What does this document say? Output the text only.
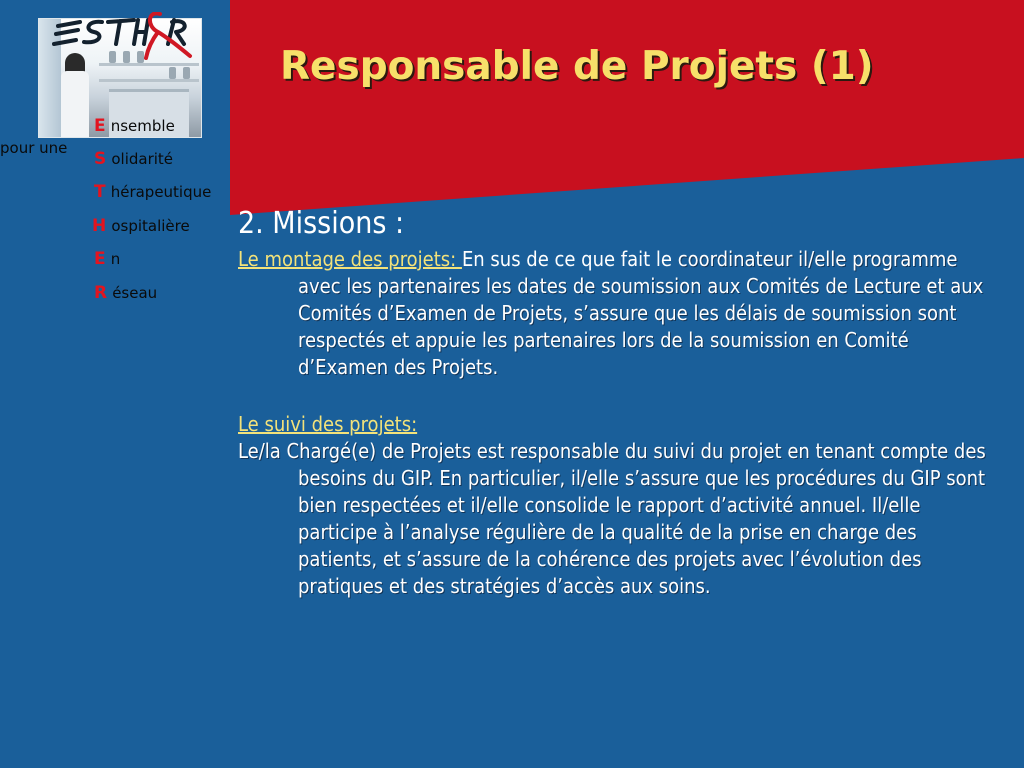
pour une
E nsemble
S olidarité
T hérapeutique
H ospitalière
E n
R éseau
Responsable de Projets (1)
2. Missions :

Le montage des projets: En sus de ce que fait le coordinateur il/elle programme avec les partenaires les dates de soumission aux Comités de Lecture et aux Comités d’Examen de Projets, s’assure que les délais de soumission sont respectés et appuie les partenaires lors de la soumission en Comité d’Examen des Projets.

Le suivi des projets:

Le/la Chargé(e) de Projets est responsable du suivi du projet en tenant compte des besoins du GIP. En particulier, il/elle s’assure que les procédures du GIP sont bien respectées et il/elle consolide le rapport d’activité annuel. Il/elle participe à l’analyse régulière de la qualité de la prise en charge des patients, et s’assure de la cohérence des projets avec l’évolution des pratiques et des stratégies d’accès aux soins.
